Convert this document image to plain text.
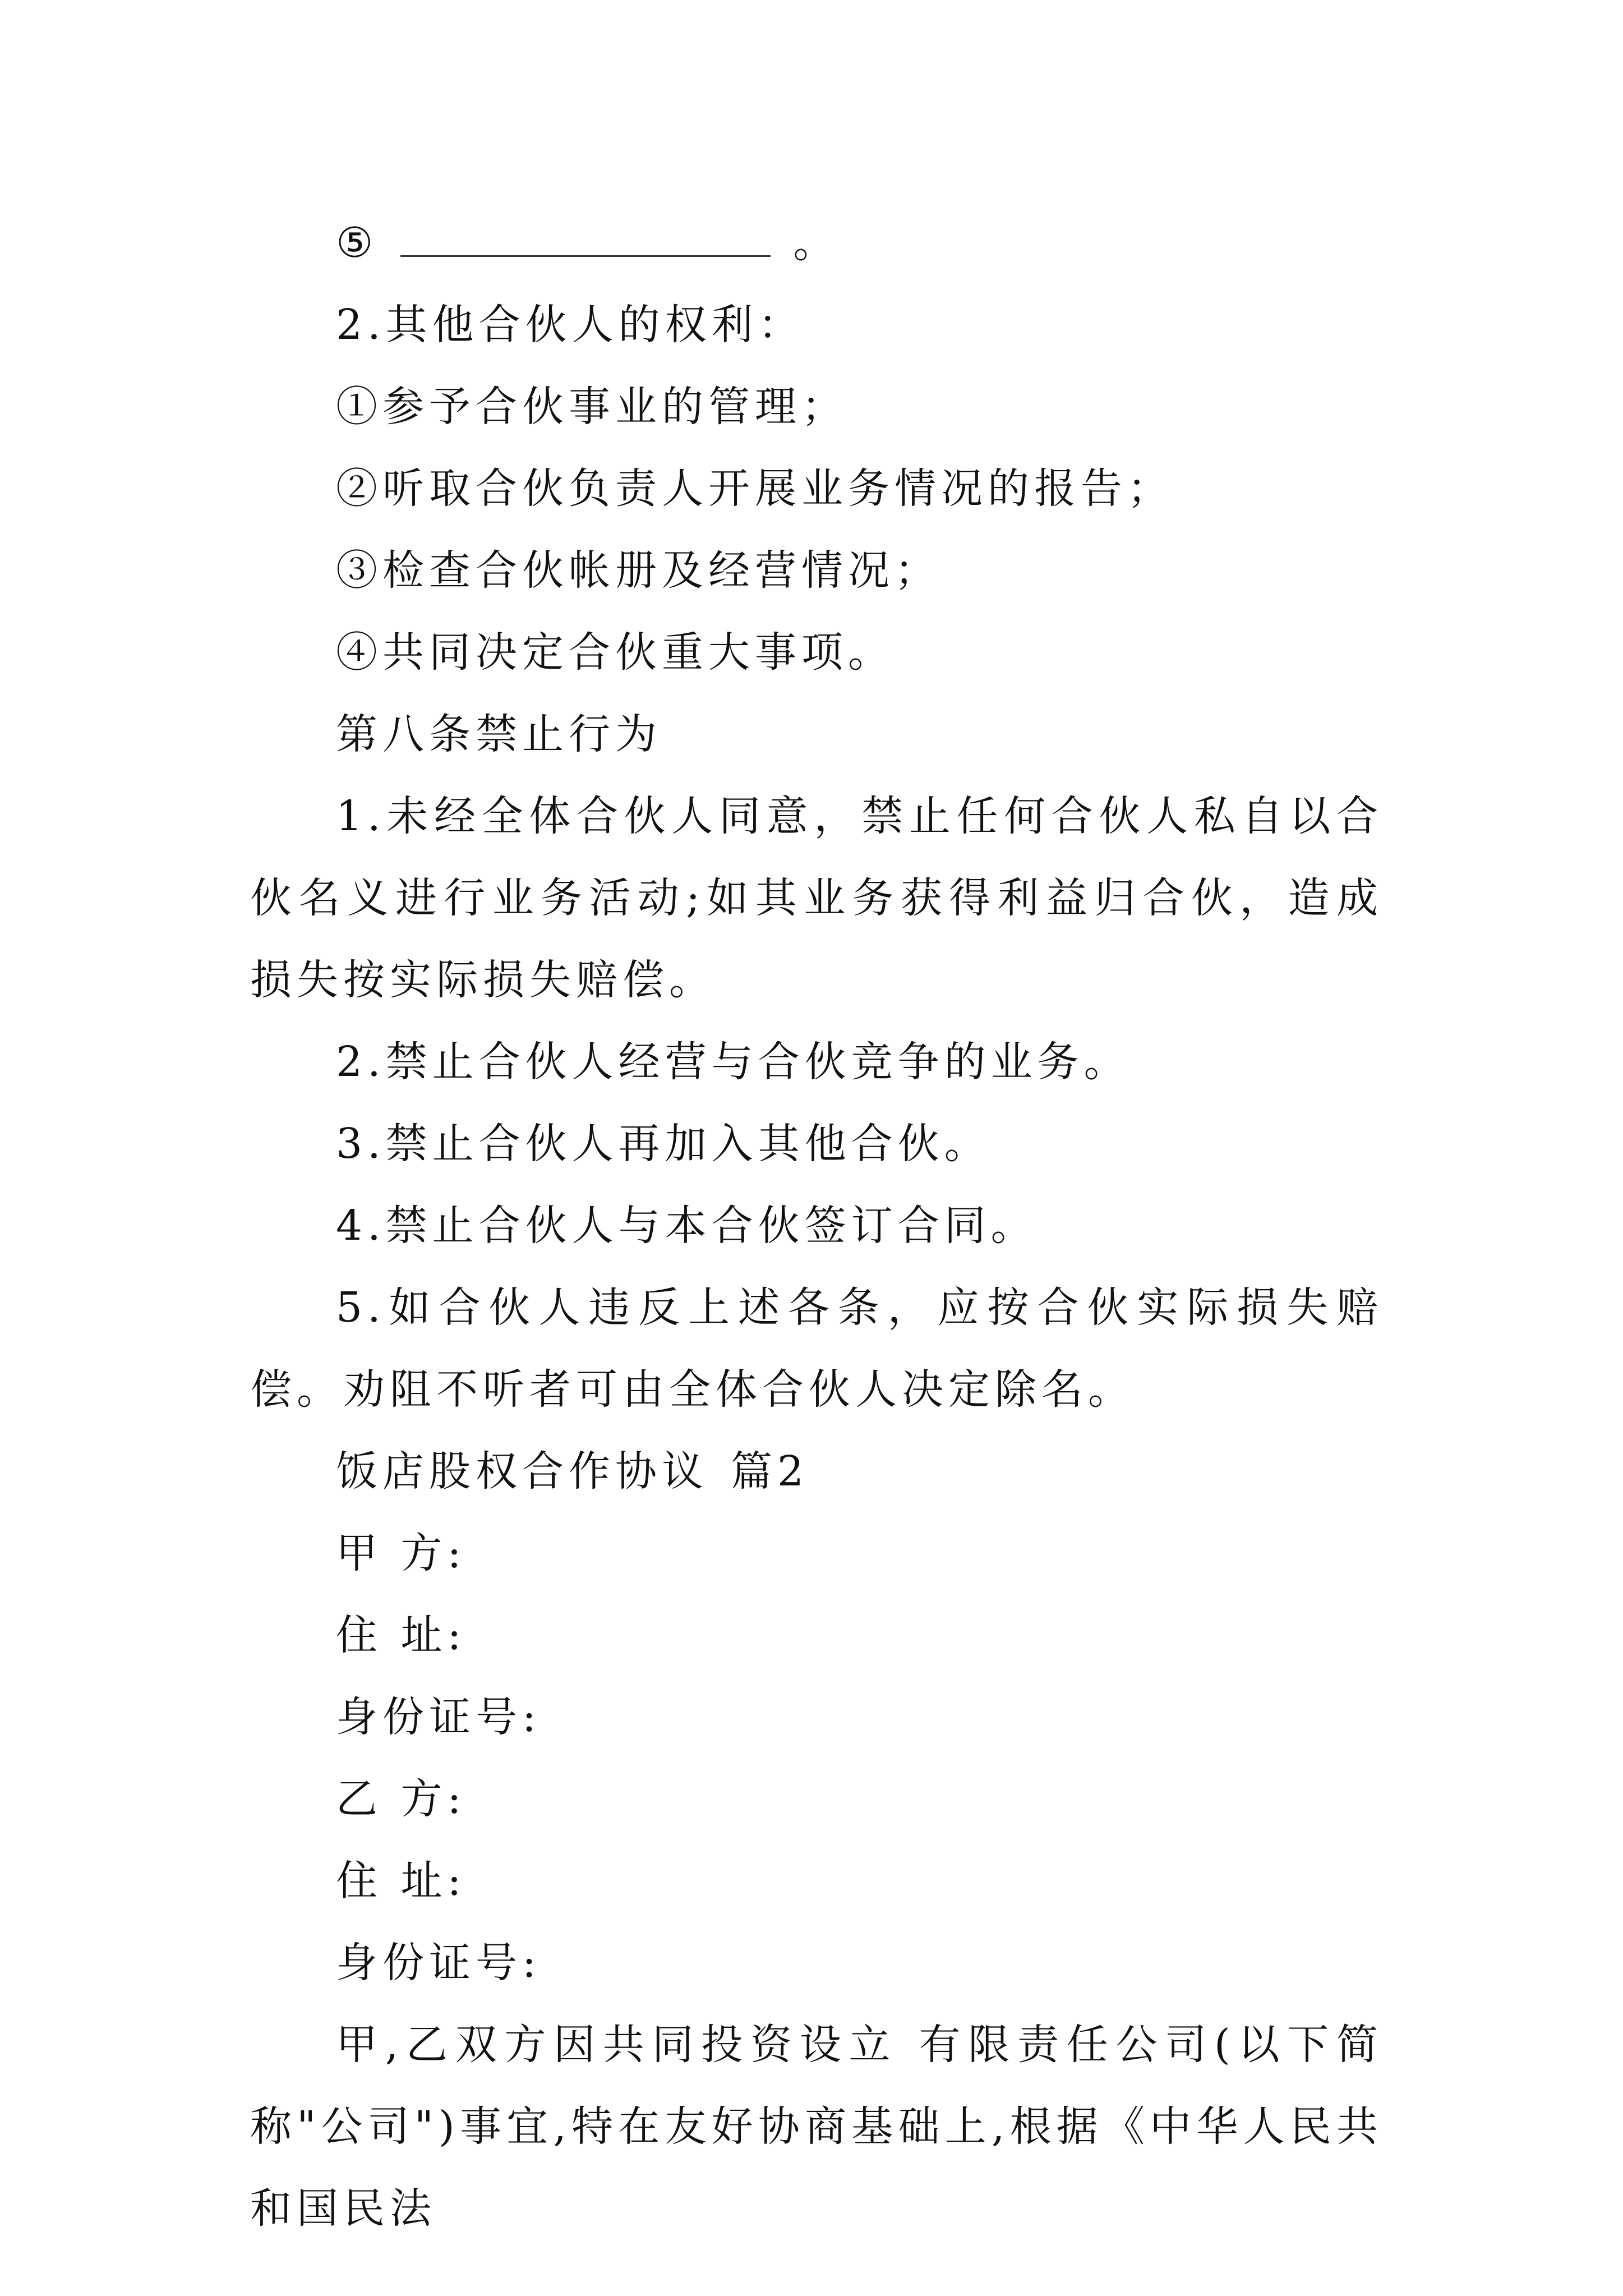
⑤	。
2.其他合伙人的权利：
①参予合伙事业的管理；
②听取合伙负责人开展业务情况的报告；
③检查合伙帐册及经营情况；
④共同决定合伙重大事项。
第八条禁止行为
1.未经全体合伙人同意，禁止任何合伙人私自以合伙名义进行业务活动;如其业务获得利益归合伙，造成损失按实际损失赔偿。
2.禁止合伙人经营与合伙竞争的业务。
3.禁止合伙人再加入其他合伙。
4.禁止合伙人与本合伙签订合同。
5.如合伙人违反上述各条，应按合伙实际损失赔偿。劝阻不听者可由全体合伙人决定除名。
饭店股权合作协议 篇2
甲 方:
住 址:
身份证号:
乙 方:
住 址:
身份证号:
甲,乙双方因共同投资设立 有限责任公司(以下简称"公司")事宜,特在友好协商基础上,根据《中华人民共和国民法
